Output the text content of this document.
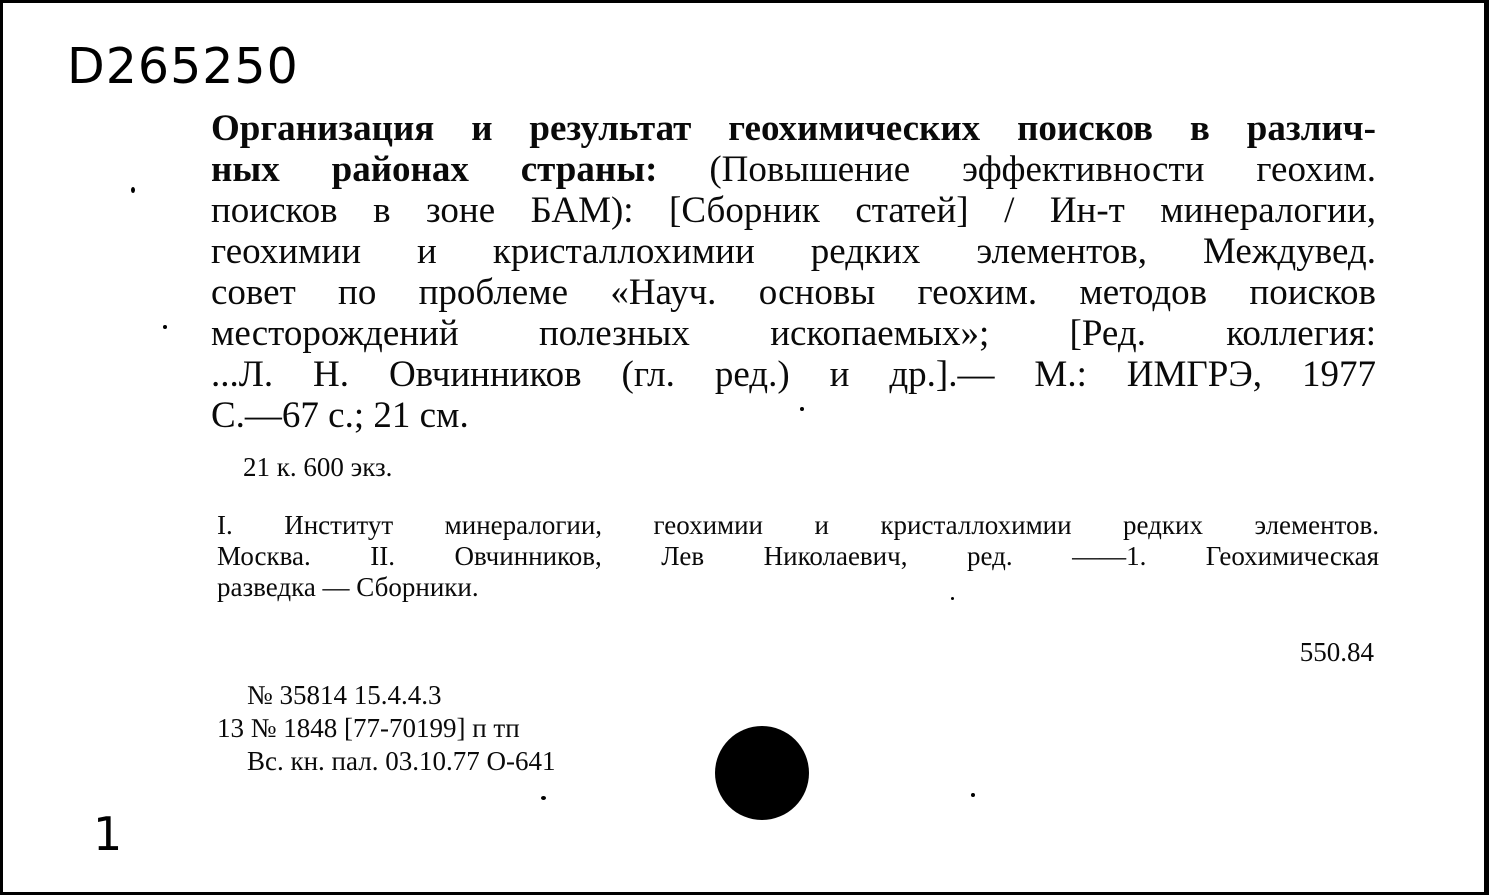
D265250
Организация и результат геохимических поисков в различ-
ных районах страны: (Повышение эффективности геохим.
поисков в зоне БАМ): [Сборник статей] / Ин-т минералогии,
геохимии и кристаллохимии редких элементов, Междувед.
совет по проблеме «Науч. основы геохим. методов поисков
месторождений полезных ископаемых»; [Ред. коллегия:
...Л. Н. Овчинников (гл. ред.) и др.].— М.: ИМГРЭ, 1977
С.—67 с.; 21 см.
21 к. 600 экз.
I. Институт минералогии, геохимии и кристаллохимии редких элементов.
Москва. II. Овчинников, Лев Николаевич, ред. ——1. Геохимическая
разведка — Сборники.
550.84
№ 35814 15.4.4.3
13 № 1848 [77-70199] п тп
Вс. кн. пал. 03.10.77 О-641
1
